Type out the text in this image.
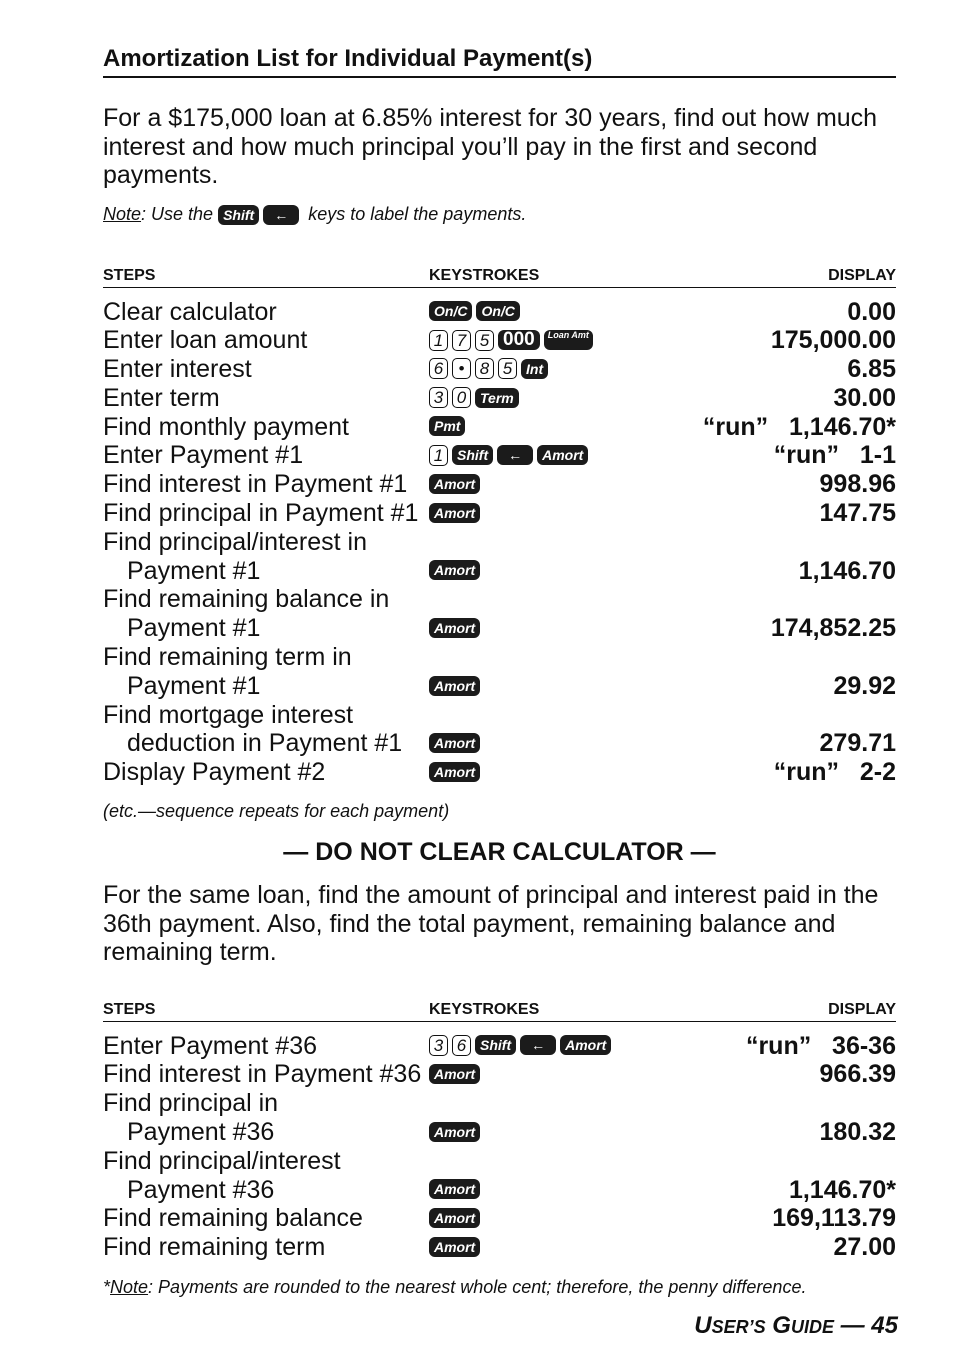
Amortization List for Individual Payment(s)
For a $175,000 loan at 6.85% interest for 30 years, find out how much interest and how much principal you’ll pay in the first and second payments.
Note: Use the Shift ← keys to label the payments.
STEPS	KEYSTROKES	DISPLAY
Clear calculator	On/C	On/C	0.00
Enter loan amount	1 7 5 000	Loan Amt	175,000.00
Enter interest	6 • 8 5 Int	6.85
Enter term	3 0 Term	30.00
Find monthly payment	Pmt	“run”   1,146.70*
Enter Payment #1	1 Shift	←	Amort	“run”   1-1
Find interest in Payment #1	Amort	998.96
Find principal in Payment #1	Amort	147.75
Find principal/interest in
Payment #1	Amort	1,146.70
Find remaining balance in
Payment #1	Amort	174,852.25
Find remaining term in
Payment #1	Amort	29.92
Find mortgage interest
deduction in Payment #1	Amort	279.71
Display Payment #2	Amort	“run”   2-2
(etc.—sequence repeats for each payment)
— DO NOT CLEAR CALCULATOR —
For the same loan, find the amount of principal and interest paid in the 36th payment. Also, find the total payment, remaining balance and remaining term.
STEPS	KEYSTROKES	DISPLAY
Enter Payment #36	3 6 Shift	←	Amort	“run”   36-36
Find interest in Payment #36 Amort	966.39
Find principal in
Payment #36	Amort	180.32
Find principal/interest
Payment #36	Amort	1,146.70*
Find remaining balance	Amort	169,113.79
Find remaining term	Amort	27.00
*Note: Payments are rounded to the nearest whole cent; therefore, the penny difference.
USER’S GUIDE — 45
